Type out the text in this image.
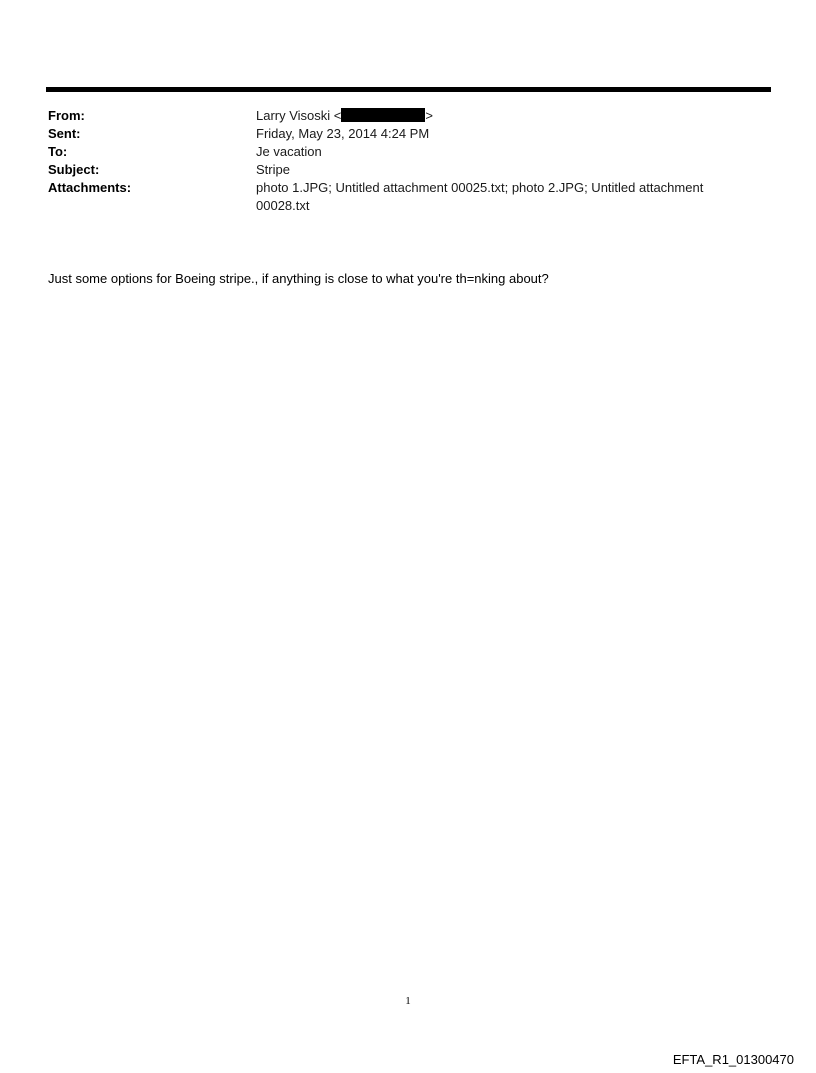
From:	Larry Visoski <	>
Sent:	Friday, May 23, 2014 4:24 PM
To:	Je vacation
Subject:	Stripe
Attachments:	photo 1.JPG; Untitled attachment 00025.txt; photo 2.JPG; Untitled attachment
00028.txt
Just some options for Boeing stripe., if anything is close to what you're th=nking about?
1
EFTA_R1_01300470
